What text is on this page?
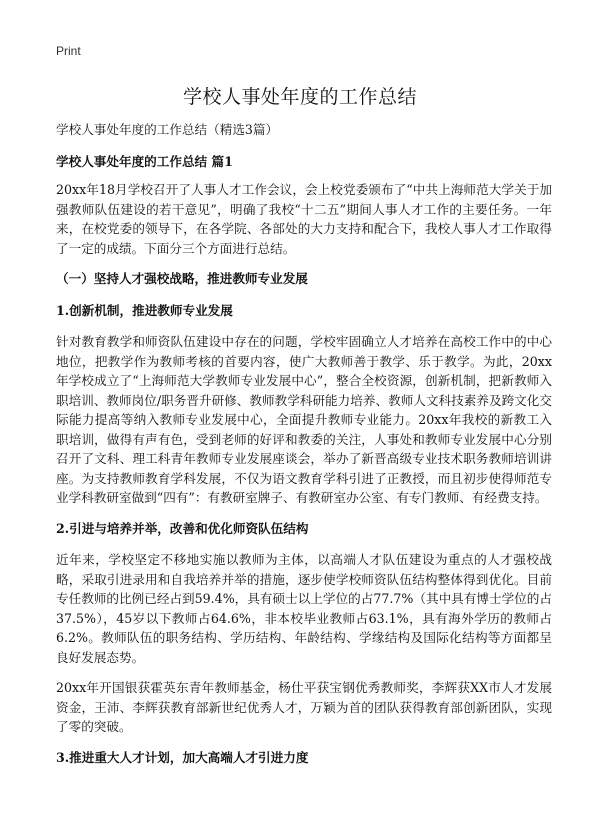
Print
学校人事处年度的工作总结

学校人事处年度的工作总结（精选3篇）

学校人事处年度的工作总结 篇1

20xx年18月学校召开了人事人才工作会议，会上校党委颁布了“中共上海师范大学关于加强教师队伍建设的若干意见”，明确了我校“十二五”期间人事人才工作的主要任务。一年来，在校党委的领导下，在各学院、各部处的大力支持和配合下，我校人事人才工作取得了一定的成绩。下面分三个方面进行总结。

（一）坚持人才强校战略，推进教师专业发展

1.创新机制，推进教师专业发展

针对教育教学和师资队伍建设中存在的问题，学校牢固确立人才培养在高校工作中的中心地位，把教学作为教师考核的首要内容，使广大教师善于教学、乐于教学。为此，20xx年学校成立了“上海师范大学教师专业发展中心”，整合全校资源，创新机制，把新教师入职培训、教师岗位/职务晋升研修、教师教学科研能力培养、教师人文科技素养及跨文化交际能力提高等纳入教师专业发展中心，全面提升教师专业能力。20xx年我校的新教工入职培训，做得有声有色，受到老师的好评和教委的关注，人事处和教师专业发展中心分别召开了文科、理工科青年教师专业发展座谈会，举办了新晋高级专业技术职务教师培训讲座。为支持教师教育学科发展，不仅为语文教育学科引进了正教授，而且初步使得师范专业学科教研室做到“四有”：有教研室牌子、有教研室办公室、有专门教师、有经费支持。

2.引进与培养并举，改善和优化师资队伍结构

近年来，学校坚定不移地实施以教师为主体，以高端人才队伍建设为重点的人才强校战略，采取引进录用和自我培养并举的措施，逐步使学校师资队伍结构整体得到优化。目前专任教师的比例已经占到59.4%，具有硕士以上学位的占77.7%（其中具有博士学位的占37.5%），45岁以下教师占64.6%，非本校毕业教师占63.1%，具有海外学历的教师占6.2%。教师队伍的职务结构、学历结构、年龄结构、学缘结构及国际化结构等方面都呈良好发展态势。

20xx年开国银获霍英东青年教师基金，杨仕平获宝钢优秀教师奖，李辉获XX市人才发展资金，王沛、李辉获教育部新世纪优秀人才，万颖为首的团队获得教育部创新团队，实现了零的突破。

3.推进重大人才计划，加大高端人才引进力度
